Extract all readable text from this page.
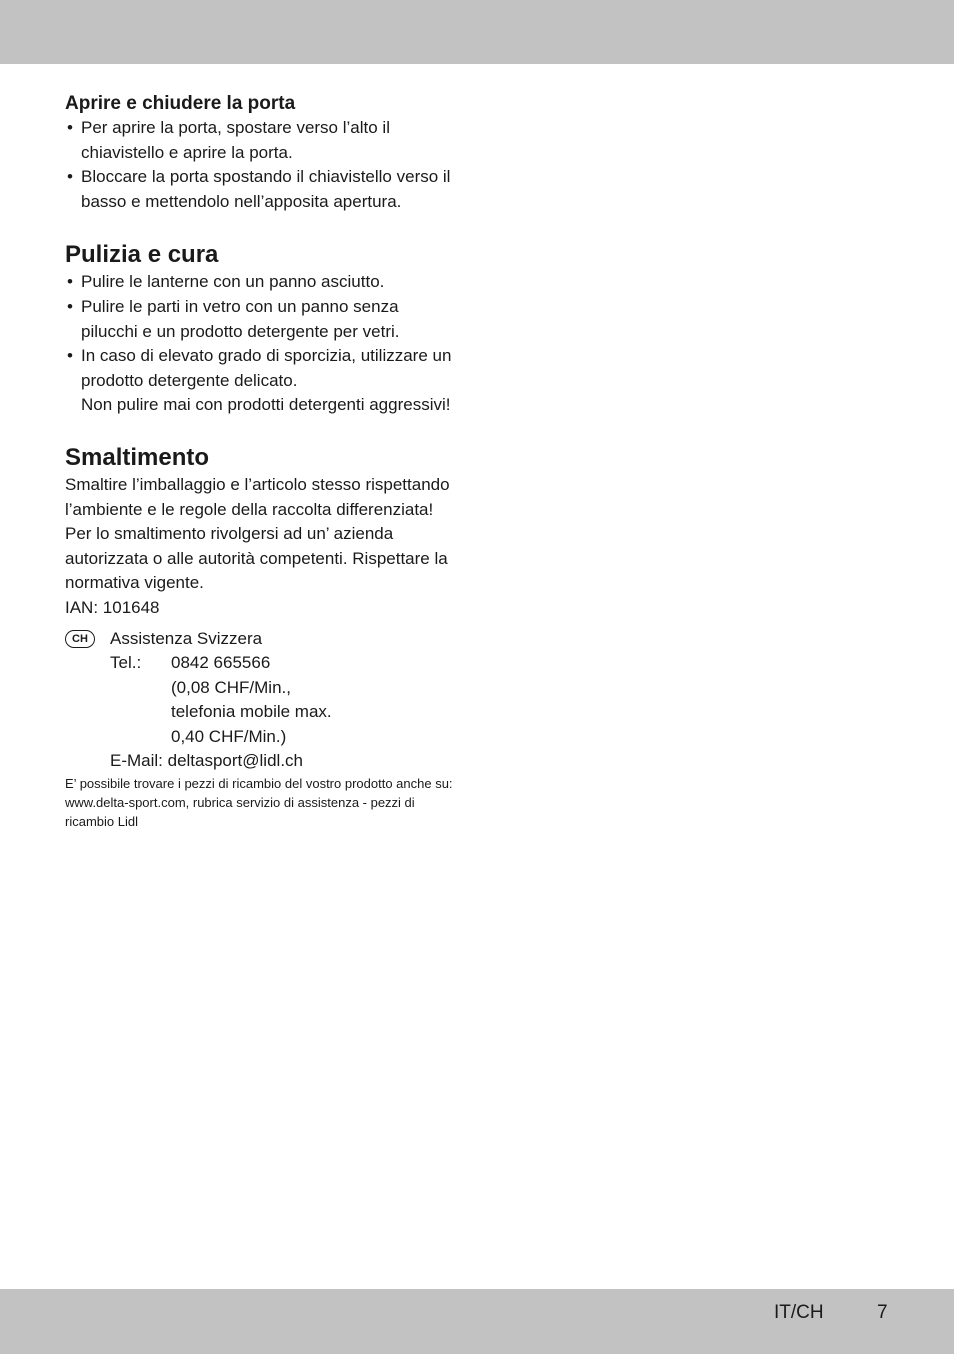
Aprire e chiudere la porta

• Per aprire la porta, spostare verso l’alto il chiavistello e aprire la porta.
• Bloccare la porta spostando il chiavistello verso il basso e mettendolo nell’apposita apertura.

Pulizia e cura

• Pulire le lanterne con un panno asciutto.
• Pulire le parti in vetro con un panno senza pilucchi e un prodotto detergente per vetri.
• In caso di elevato grado di sporcizia, utilizzare un prodotto detergente delicato.
Non pulire mai con prodotti detergenti aggressivi!

Smaltimento

Smaltire l’imballaggio e l’articolo stesso rispettando l’ambiente e le regole della raccolta differenziata! Per lo smaltimento rivolgersi ad un’ azienda autorizzata o alle autorità competenti. Rispettare la normativa vigente.

IAN: 101648

CH	Assistenza Svizzera
Tel.:	0842 665566
(0,08 CHF/Min.,
telefonia mobile max.
0,40 CHF/Min.)
E-Mail: deltasport@lidl.ch

E’ possibile trovare i pezzi di ricambio del vostro prodotto anche su: www.delta-sport.com, rubrica servizio di assistenza - pezzi di ricambio Lidl

IT/CH	7
